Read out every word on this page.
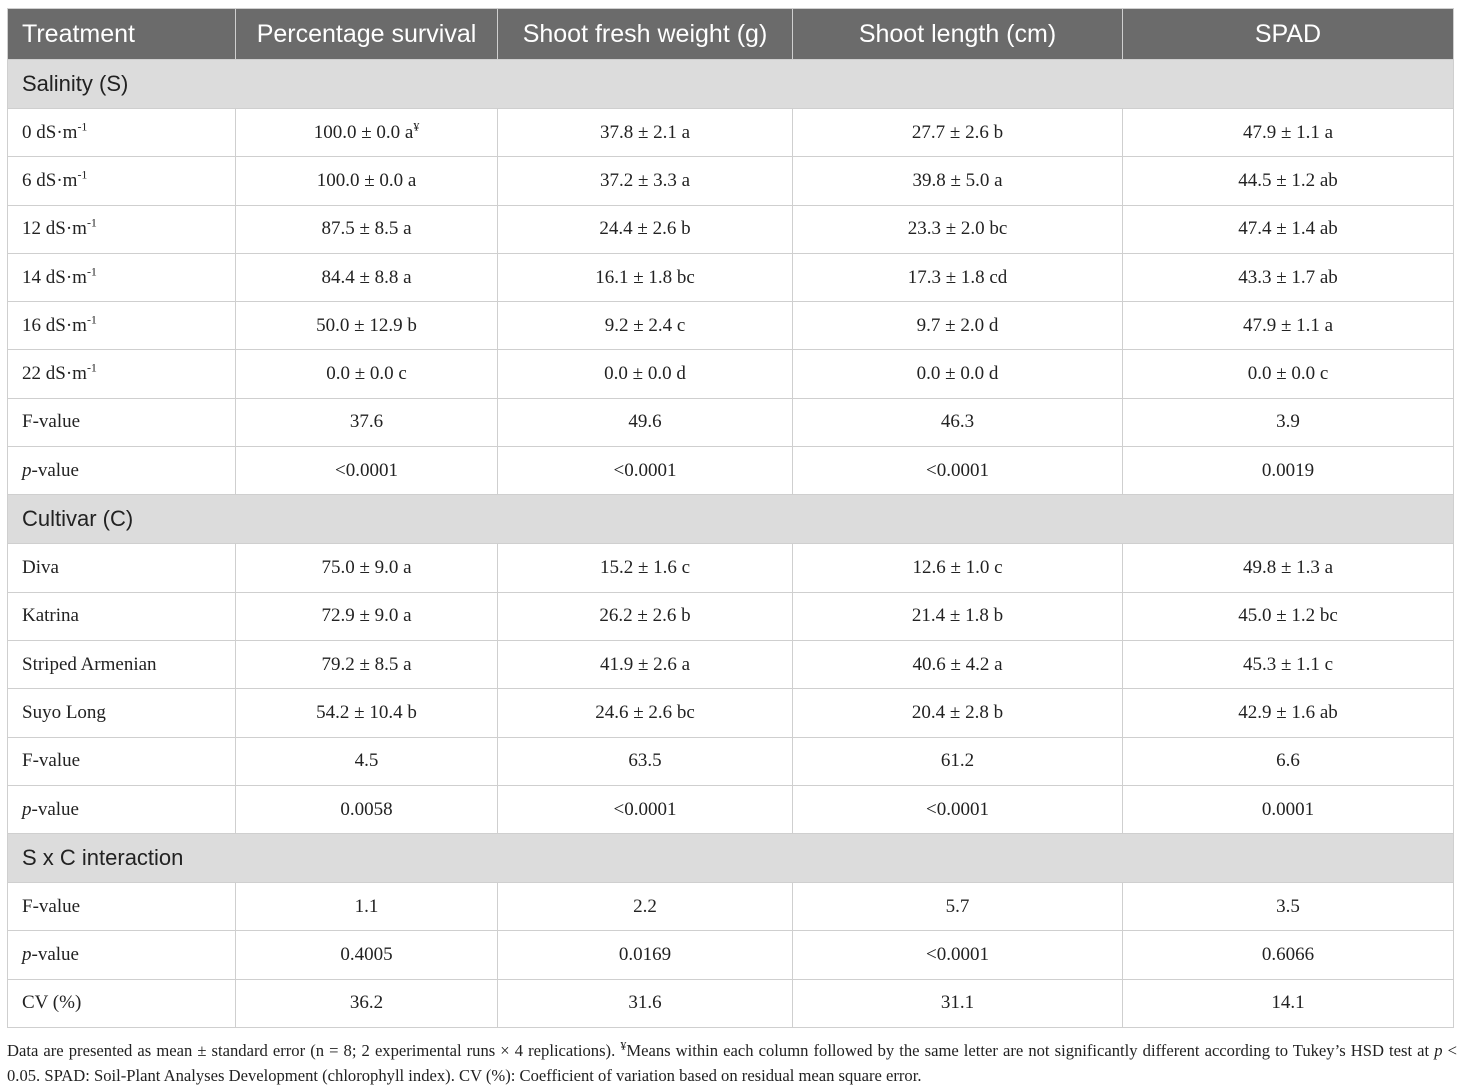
Treatment	Percentage survival	Shoot fresh weight (g)	Shoot length (cm)	SPAD
Salinity (S)				
0 $dS\cdot m^{-1}$	100.0 ± 0.0 a¥	37.8 ± 2.1 a	27.7 ± 2.6 b	47.9 ± 1.1 a
6 $dS\cdot m^{-1}$	100.0 ± 0.0 a	37.2 ± 3.3 a	39.8 ± 5.0 a	44.5 ± 1.2 ab
12 $dS\cdot m^{-1}$	87.5 ± 8.5 a	24.4 ± 2.6 b	23.3 ± 2.0 bc	47.4 ± 1.4 ab
14 $dS\cdot m^{-1}$	84.4 ± 8.8 a	16.1 ± 1.8 bc	17.3 ± 1.8 cd	43.3 ± 1.7 ab
16 $dS\cdot m^{-1}$	50.0 ± 12.9 b	9.2 ± 2.4 c	9.7 ± 2.0 d	47.9 ± 1.1 a
22 $dS\cdot m^{-1}$	0.0 ± 0.0 c	0.0 ± 0.0 d	0.0 ± 0.0 d	0.0 ± 0.0 c
F-value	37.6	49.6	46.3	3.9
p-value	<0.0001	<0.0001	<0.0001	0.0019
Cultivar (C)				
Diva	75.0 ± 9.0 a	15.2 ± 1.6 c	12.6 ± 1.0 c	49.8 ± 1.3 a
Katrina	72.9 ± 9.0 a	26.2 ± 2.6 b	21.4 ± 1.8 b	45.0 ± 1.2 bc
Striped Armenian	79.2 ± 8.5 a	41.9 ± 2.6 a	40.6 ± 4.2 a	45.3 ± 1.1 c
Suyo Long	54.2 ± 10.4 b	24.6 ± 2.6 bc	20.4 ± 2.8 b	42.9 ± 1.6 ab
F-value	4.5	63.5	61.2	6.6
p-value	0.0058	<0.0001	<0.0001	0.0001
S x C interaction				
F-value	1.1	2.2	5.7	3.5
p-value	0.4005	0.0169	<0.0001	0.6066
CV (%)	36.2	31.6	31.1	14.1

Data are presented as mean ± standard error (n = 8; 2 experimental runs × 4 replications). ¥Means within each column followed by the same letter are not significantly different according to Tukey’s HSD test at p < 0.05. SPAD: Soil-Plant Analyses Development (chlorophyll index). CV (%): Coefficient of variation based on residual mean square error.
